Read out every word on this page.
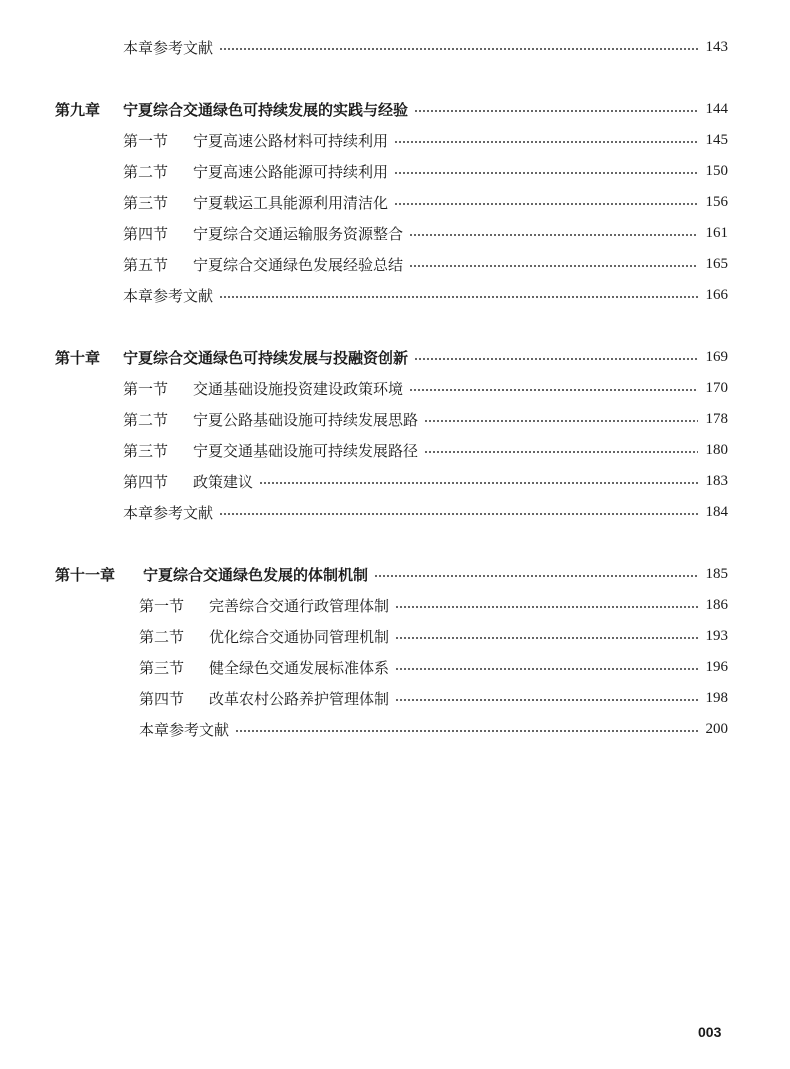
本章参考文献	143
第九章	宁夏综合交通绿色可持续发展的实践与经验	144
第一节	宁夏高速公路材料可持续利用	145
第二节	宁夏高速公路能源可持续利用	150
第三节	宁夏载运工具能源利用清洁化	156
第四节	宁夏综合交通运输服务资源整合	161
第五节	宁夏综合交通绿色发展经验总结	165
本章参考文献	166
第十章	宁夏综合交通绿色可持续发展与投融资创新	169
第一节	交通基础设施投资建设政策环境	170
第二节	宁夏公路基础设施可持续发展思路	178
第三节	宁夏交通基础设施可持续发展路径	180
第四节	政策建议	183
本章参考文献	184
第十一章	宁夏综合交通绿色发展的体制机制	185
第一节	完善综合交通行政管理体制	186
第二节	优化综合交通协同管理机制	193
第三节	健全绿色交通发展标准体系	196
第四节	改革农村公路养护管理体制	198
本章参考文献	200
003
